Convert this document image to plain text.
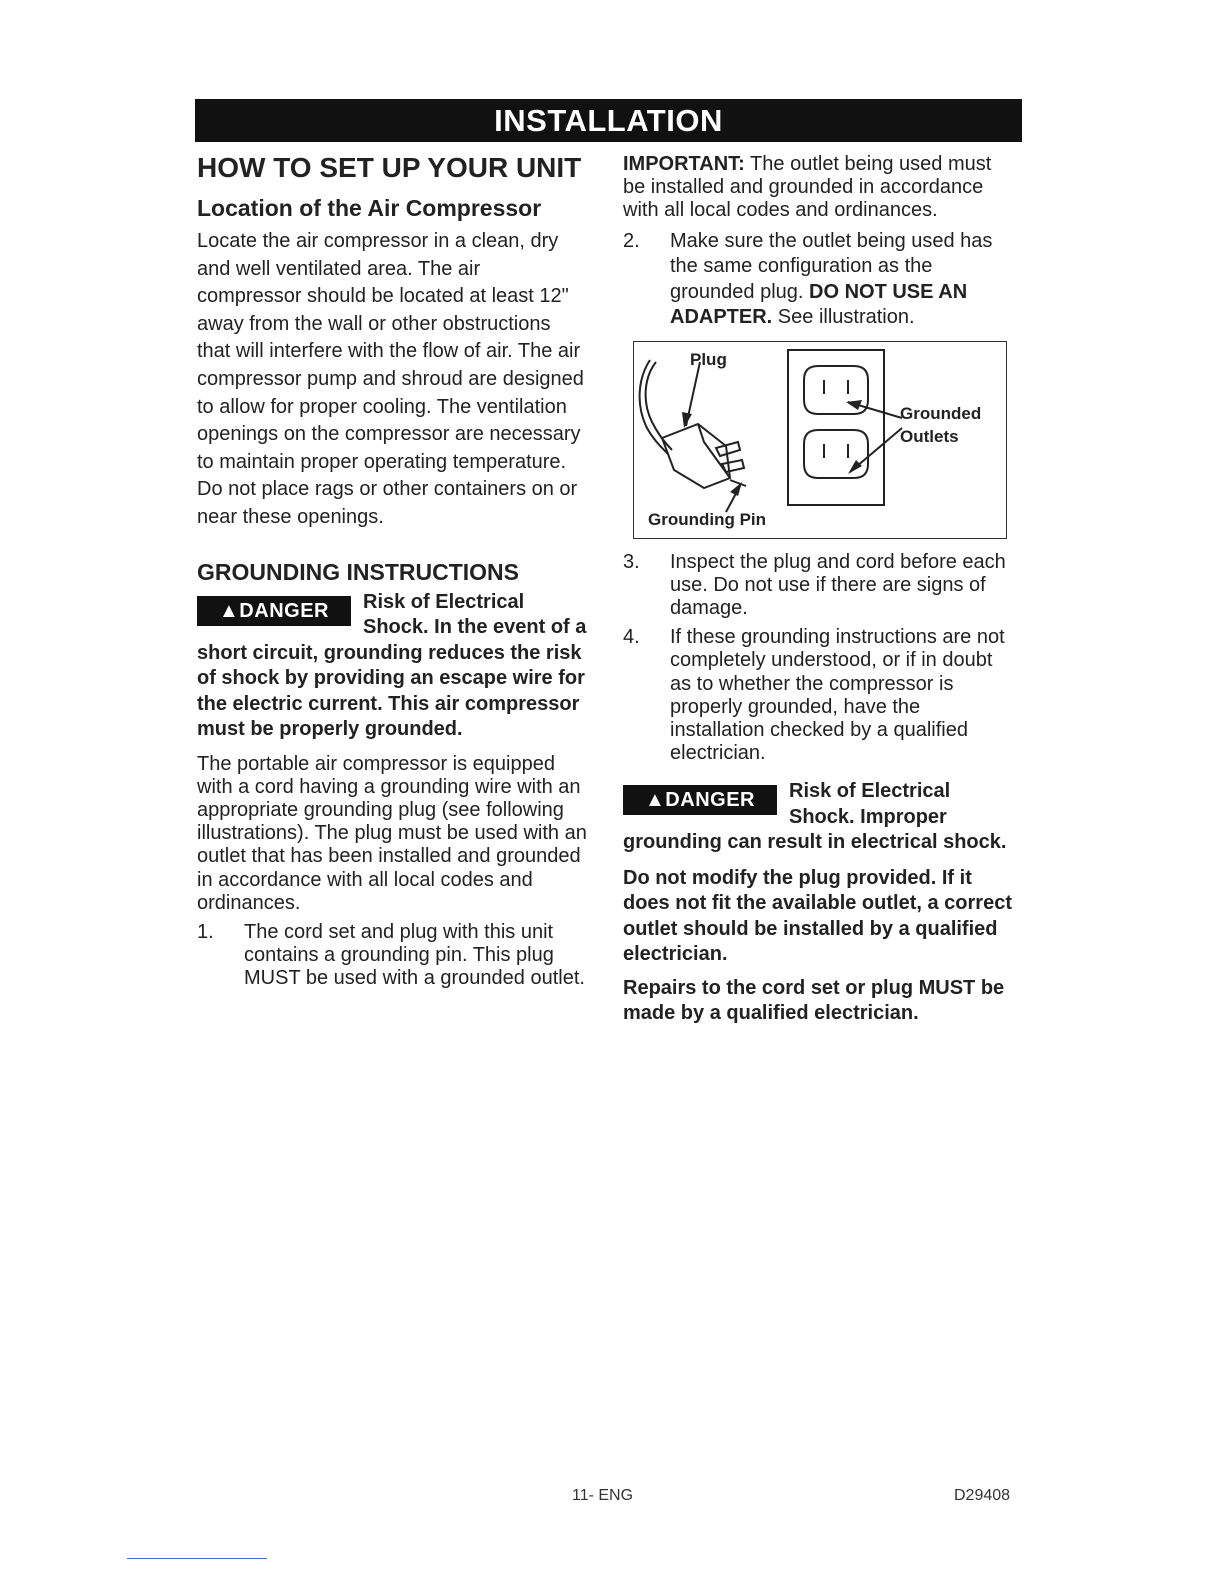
INSTALLATION
HOW TO SET UP YOUR UNIT
Location of the Air Compressor

Locate the air compressor in a clean, dry and well ventilated area. The air compressor should be located at least 12" away from the wall or other obstructions that will interfere with the flow of air. The air compressor pump and shroud are designed to allow for proper cooling. The ventilation openings on the compressor are necessary to maintain proper operating temperature. Do not place rags or other containers on or near these openings.

GROUNDING INSTRUCTIONS
▲DANGER	Risk of Electrical Shock. In the event of a short circuit, grounding reduces the risk of shock by providing an escape wire for the electric current. This air compressor must be properly grounded.

The portable air compressor is equipped with a cord having a grounding wire with an appropriate grounding plug (see following illustrations). The plug must be used with an outlet that has been installed and grounded in accordance with all local codes and ordinances.

1. The cord set and plug with this unit contains a grounding pin. This plug MUST be used with a grounded outlet.

IMPORTANT: The outlet being used must be installed and grounded in accordance with all local codes and ordinances.

2. Make sure the outlet being used has the same configuration as the grounded plug. DO NOT USE AN ADAPTER. See illustration.
Plug
Grounded
Outlets
Grounding Pin
3. Inspect the plug and cord before each use. Do not use if there are signs of damage.
4. If these grounding instructions are not completely understood, or if in doubt as to whether the compressor is properly grounded, have the installation checked by a qualified electrician.
▲DANGER	Risk of Electrical Shock. Improper grounding can result in electrical shock.

Do not modify the plug provided. If it does not fit the available outlet, a correct outlet should be installed by a qualified electrician.

Repairs to the cord set or plug MUST be made by a qualified electrician.

11- ENG	D29408
